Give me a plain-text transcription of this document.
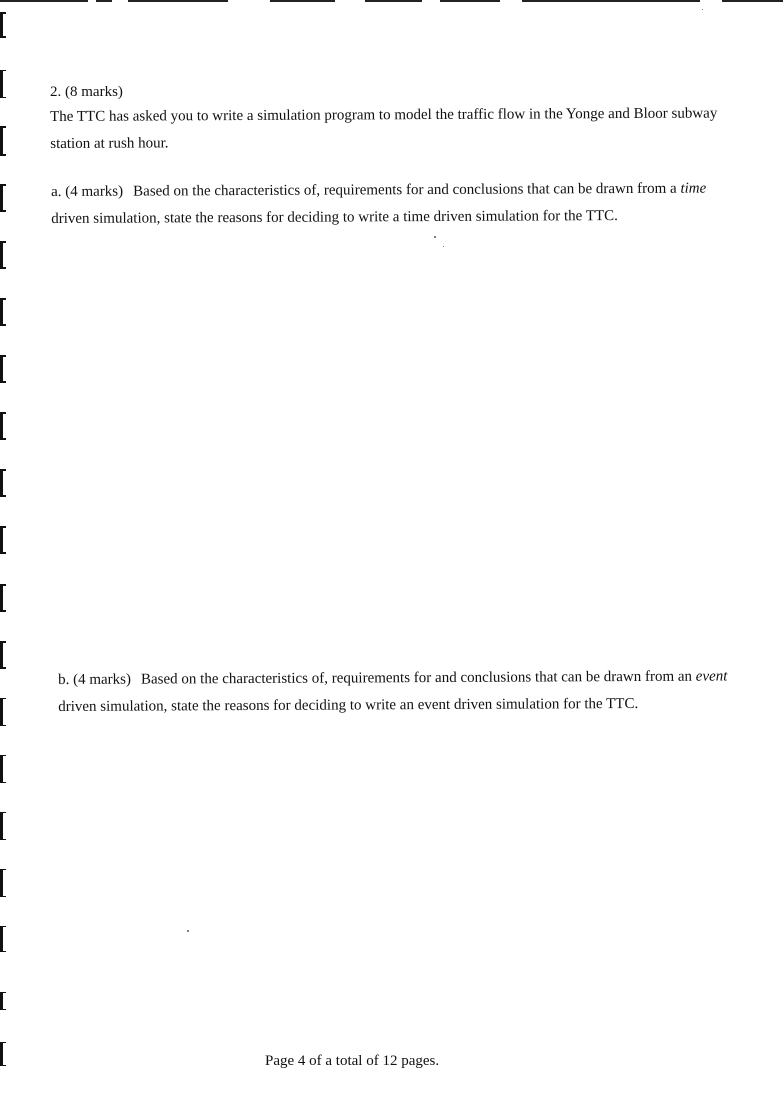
2. (8 marks)
The TTC has asked you to write a simulation program to model the traffic flow in the Yonge and Bloor subway station at rush hour.
a. (4 marks) Based on the characteristics of, requirements for and conclusions that can be drawn from a time driven simulation, state the reasons for deciding to write a time driven simulation for the TTC.
b. (4 marks) Based on the characteristics of, requirements for and conclusions that can be drawn from an event driven simulation, state the reasons for deciding to write an event driven simulation for the TTC.
Page 4 of a total of 12 pages.
